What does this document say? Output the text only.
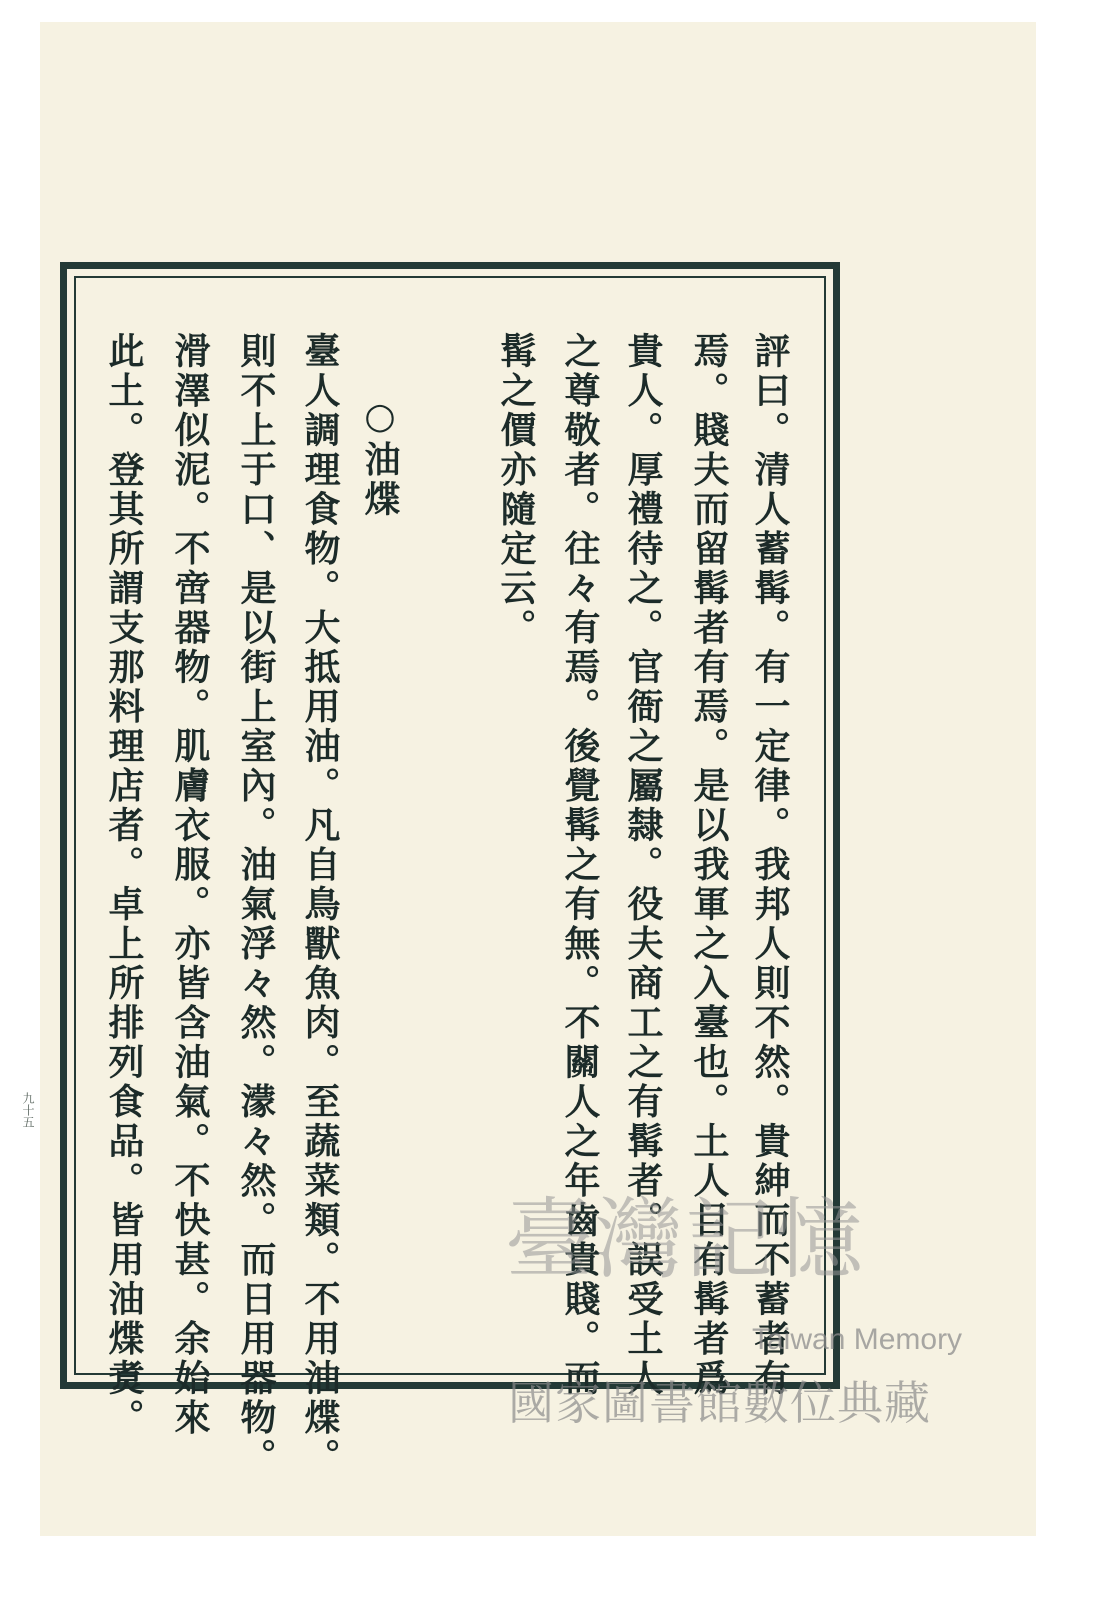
評曰。清人蓄髯。有一定律。我邦人則不然。貴紳而不蓄者有
焉。賤夫而留髯者有焉。是以我軍之入臺也。土人目有髯者爲
貴人。厚禮待之。官衙之屬隸。役夫商工之有髯者。誤受土人
之尊敬者。往々有焉。後覺髯之有無。不關人之年齒貴賤。而
髯之價亦隨定云。
○油煠
臺人調理食物。大抵用油。凡自鳥獸魚肉。至蔬菜類。不用油煠。
則不上于口、是以街上室內。油氣浮々然。濛々然。而日用器物。
滑澤似泥。不啻器物。肌膚衣服。亦皆含油氣。不快甚。余始來
此土。登其所謂支那料理店者。卓上所排列食品。皆用油煠煑。
九十五
臺灣記憶
Taiwan Memory
國家圖書館數位典藏
